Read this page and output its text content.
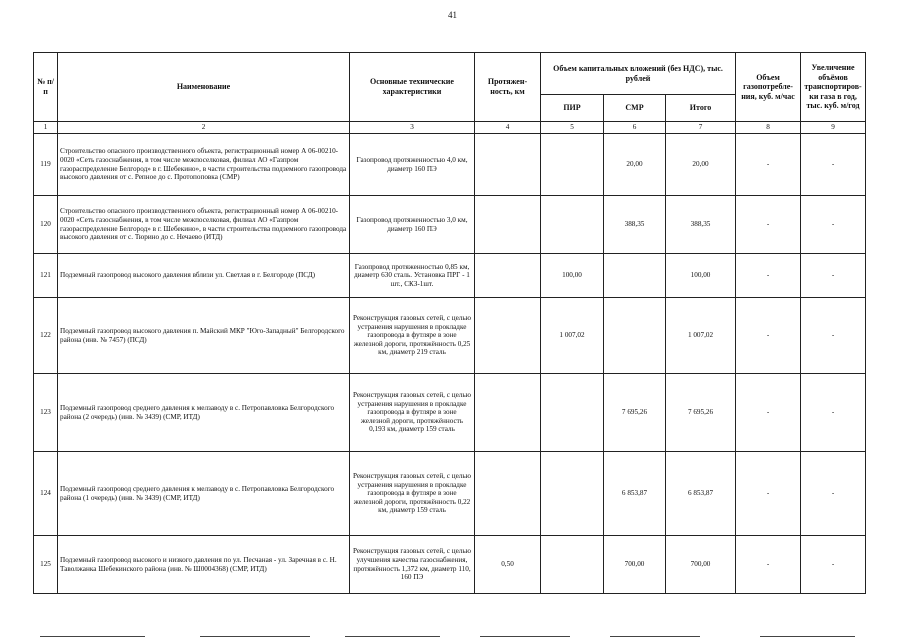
41
№ п/п	Наименование	Основные технические характеристики	Протяжен-ность, км	Объем капитальных вложений (без НДС), тыс. рублей			Объем газопотребле-ния, куб. м/час	Увеличение объёмов транспортиров-ки газа в год, тыс. куб. м/год
				ПИР	СМР	Итого		
1	2	3	4	5	6	7	8	9
119	Строительство опасного производственного объекта, регистрационный номер А 06-00210-0020 «Сеть газоснабжения, в том числе межпоселковая, филиал АО «Газпром газораспределение Белгород» в г. Шебекино», в части строительства подземного газопровода высокого давления от с. Репное до с. Протопоповка (СМР)	Газопровод протяженностью 4,0 км, диаметр 160 ПЭ			20,00	20,00	-	-
120	Строительство опасного производственного объекта, регистрационный номер А 06-00210-0020 «Сеть газоснабжения, в том числе межпоселковая, филиал АО «Газпром газораспределение Белгород» в г. Шебекино», в части строительства подземного газопровода высокого давления от с. Тюрино до с. Нечаево (ИТД)	Газопровод протяженностью 3,0 км, диаметр 160 ПЭ			388,35	388,35	-	-
121	Подземный газопровод высокого давления вблизи ул. Светлая в г. Белгороде (ПСД)	Газопровод протяженностью 0,85 км, диаметр 630 сталь. Установка ПРГ - 1 шт., СКЗ-1шт.		100,00		100,00	-	-
122	Подземный газопровод высокого давления п. Майский МКР "Юго-Западный" Белгородского района (инв. № 7457) (ПСД)	Реконструкция газовых сетей, с целью устранения нарушения в прокладке газопровода в футляре в зоне железной дороги, протяжённость 0,25 км, диаметр 219 сталь		1 007,02		1 007,02	-	-
123	Подземный газопровод среднего давления к мелзаводу в с. Петропавловка Белгородского района (2 очередь) (инв. № 3439) (СМР, ИТД)	Реконструкция газовых сетей, с целью устранения нарушения в прокладке газопровода в футляре в зоне железной дороги, протяжённость 0,193 км, диаметр 159 сталь			7 695,26	7 695,26	-	-
124	Подземный газопровод среднего давления к мелзаводу в с. Петропавловка Белгородского района (1 очередь) (инв. № 3439) (СМР, ИТД)	Реконструкция газовых сетей, с целью устранения нарушения в прокладке газопровода в футляре в зоне железной дороги, протяжённость 0,22 км, диаметр 159 сталь			6 853,87	6 853,87	-	-
125	Подземный газопровод высокого и низкого давления по ул. Песчаная - ул. Заречная в с. Н. Таволжанка Шебекинского района (инв. № Ш0004368) (СМР, ИТД)	Реконструкция газовых сетей, с целью улучшения качества газоснабжения, протяжённость 1,372 км, диаметр 110, 160 ПЭ	0,50		700,00	700,00	-	-
